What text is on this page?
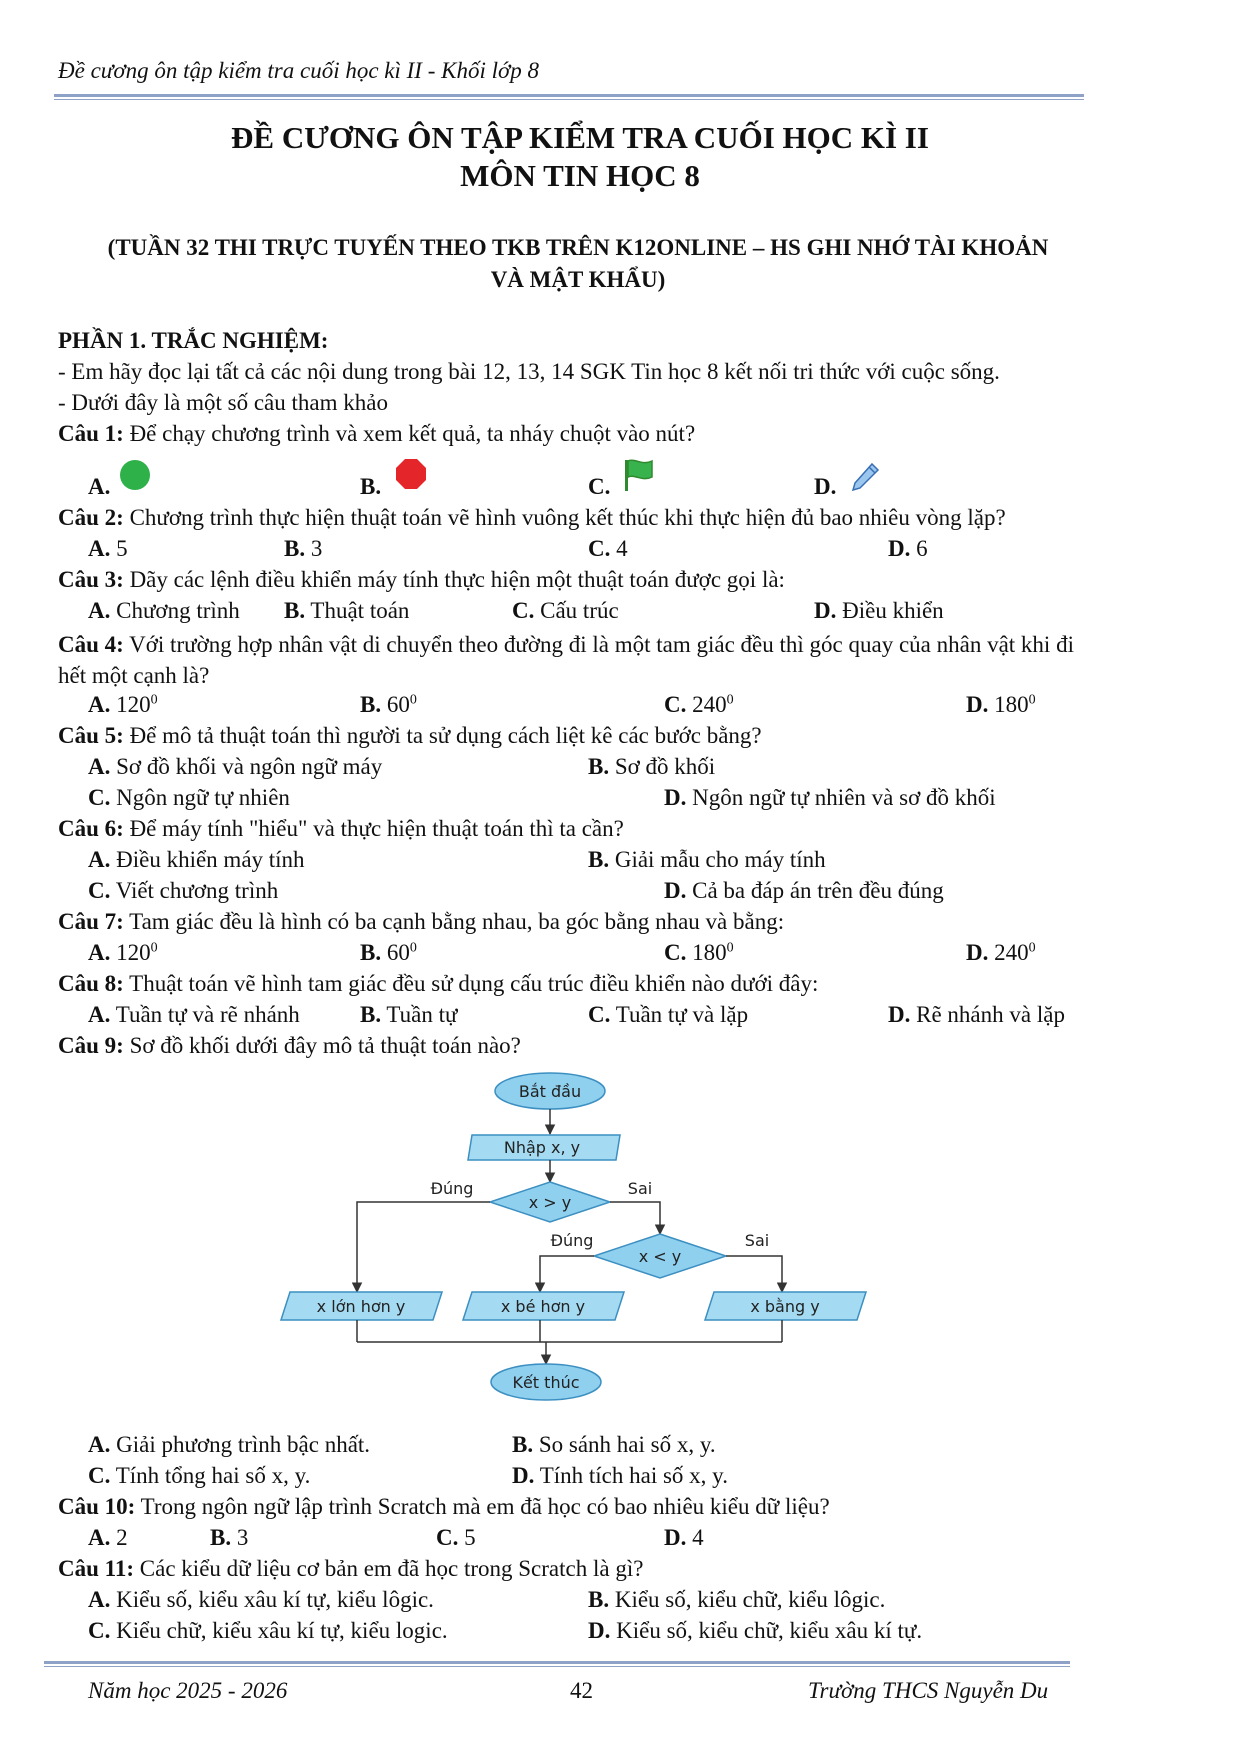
Đề cương ôn tập kiểm tra cuối học kì II - Khối lớp 8
ĐỀ CƯƠNG ÔN TẬP KIỂM TRA CUỐI HỌC KÌ II
MÔN TIN HỌC 8
(TUẦN 32 THI TRỰC TUYẾN THEO TKB TRÊN K12ONLINE – HS GHI NHỚ TÀI KHOẢN
VÀ MẬT KHẨU)
PHẦN 1. TRẮC NGHIỆM:
- Em hãy đọc lại tất cả các nội dung trong bài 12, 13, 14 SGK Tin học 8 kết nối tri thức với cuộc sống.
- Dưới đây là một số câu tham khảo
Câu 1: Để chạy chương trình và xem kết quả, ta nháy chuột vào nút?
A.	B.	C.	D.
Câu 2: Chương trình thực hiện thuật toán vẽ hình vuông kết thúc khi thực hiện đủ bao nhiêu vòng lặp?
A. 5	B. 3	C. 4	D. 6
Câu 3: Dãy các lệnh điều khiển máy tính thực hiện một thuật toán được gọi là:
A. Chương trình B. Thuật toán	C. Cấu trúc	D. Điều khiển
Câu 4: Với trường hợp nhân vật di chuyển theo đường đi là một tam giác đều thì góc quay của nhân vật khi đi hết một cạnh là?
A. $120^0$	B. $60^0$	C. $240^0$	D. $180^0$
Câu 5: Để mô tả thuật toán thì người ta sử dụng cách liệt kê các bước bằng?
A. Sơ đồ khối và ngôn ngữ máy	B. Sơ đồ khối
C. Ngôn ngữ tự nhiên	D. Ngôn ngữ tự nhiên và sơ đồ khối
Câu 6: Để máy tính "hiểu" và thực hiện thuật toán thì ta cần?
A. Điều khiển máy tính	B. Giải mẫu cho máy tính
C. Viết chương trình	D. Cả ba đáp án trên đều đúng
Câu 7: Tam giác đều là hình có ba cạnh bằng nhau, ba góc bằng nhau và bằng:
A. $120^0$	B. $60^0$	C. $180^0$	D. $240^0$
Câu 8: Thuật toán vẽ hình tam giác đều sử dụng cấu trúc điều khiển nào dưới đây:
A. Tuần tự và rẽ nhánh	B. Tuần tự	C. Tuần tự và lặp	D. Rẽ nhánh và lặp
Câu 9: Sơ đồ khối dưới đây mô tả thuật toán nào?
Bắt đầu
Nhập x, y
x > y
Đúng	Sai
x < y
Đúng	Sai
x lớn hơn y	x bé hơn y	x bằng y
Kết thúc
A. Giải phương trình bậc nhất.	B. So sánh hai số x, y.
C. Tính tổng hai số x, y.	D. Tính tích hai số x, y.
Câu 10: Trong ngôn ngữ lập trình Scratch mà em đã học có bao nhiêu kiểu dữ liệu?
A. 2	B. 3	C. 5	D. 4
Câu 11: Các kiểu dữ liệu cơ bản em đã học trong Scratch là gì?
A. Kiểu số, kiểu xâu kí tự, kiểu lôgic.	B. Kiểu số, kiểu chữ, kiểu lôgic.
C. Kiểu chữ, kiểu xâu kí tự, kiểu logic.	D. Kiểu số, kiểu chữ, kiểu xâu kí tự.
Năm học 2025 - 2026	42	Trường THCS Nguyễn Du
